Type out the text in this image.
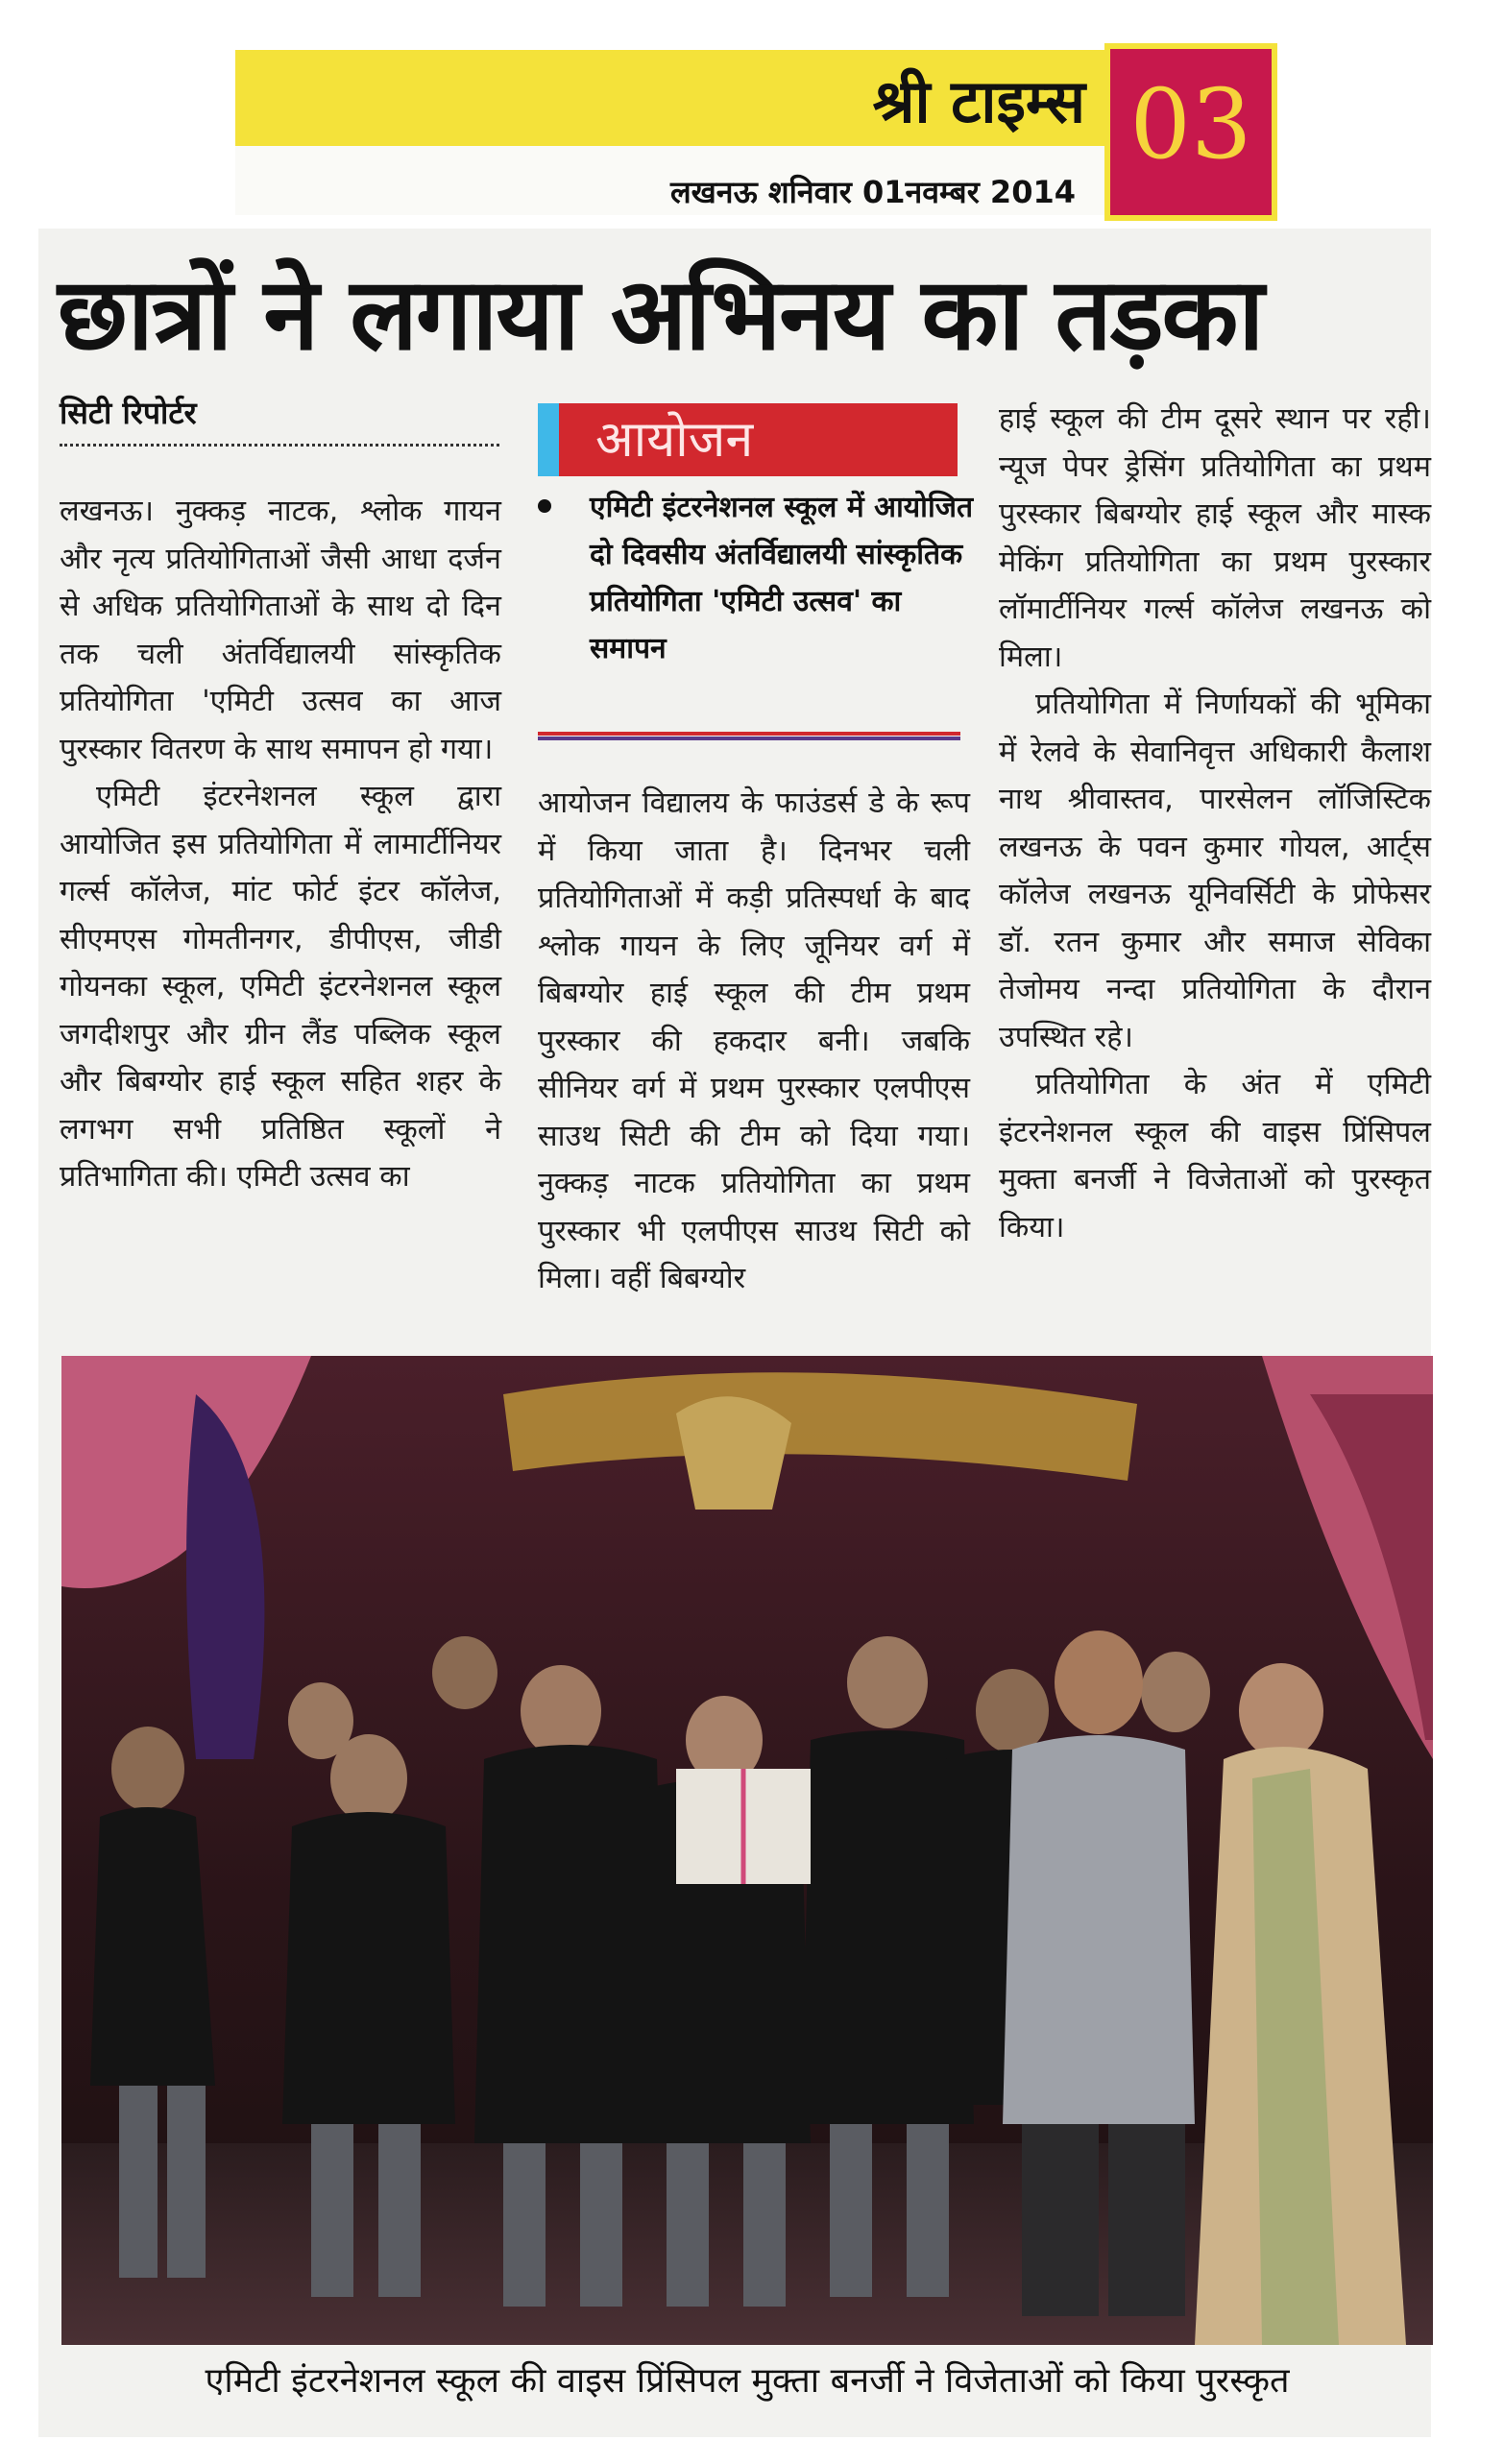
श्री टाइम्स 03
लखनऊ शनिवार 01नवम्बर 2014
छात्रों ने लगाया अभिनय का तड़का
सिटी रिपोर्टर

लखनऊ। नुक्कड़ नाटक, श्लोक गायन और नृत्य प्रतियोगिताओं जैसी आधा दर्जन से अधिक प्रतियोगिताओं के साथ दो दिन तक चली अंतर्विद्यालयी सांस्कृतिक प्रतियोगिता 'एमिटी उत्सव का आज पुरस्कार वितरण के साथ समापन हो गया।

एमिटी इंटरनेशनल स्कूल द्वारा आयोजित इस प्रतियोगिता में लामार्टीनियर गर्ल्स कॉलेज, मांट फोर्ट इंटर कॉलेज, सीएमएस गोमतीनगर, डीपीएस, जीडी गोयनका स्कूल, एमिटी इंटरनेशनल स्कूल जगदीशपुर और ग्रीन लैंड पब्लिक स्कूल और बिबग्योर हाई स्कूल सहित शहर के लगभग सभी प्रतिष्ठित स्कूलों ने प्रतिभागिता की। एमिटी उत्सव का

आयोजन
एमिटी इंटरनेशनल स्कूल में आयोजित दो दिवसीय अंतर्विद्यालयी सांस्कृतिक प्रतियोगिता 'एमिटी उत्सव' का समापन

आयोजन विद्यालय के फाउंडर्स डे के रूप में किया जाता है। दिनभर चली प्रतियोगिताओं में कड़ी प्रतिस्पर्धा के बाद श्लोक गायन के लिए जूनियर वर्ग में बिबग्योर हाई स्कूल की टीम प्रथम पुरस्कार की हकदार बनी। जबकि सीनियर वर्ग में प्रथम पुरस्कार एलपीएस साउथ सिटी की टीम को दिया गया। नुक्कड़ नाटक प्रतियोगिता का प्रथम पुरस्कार भी एलपीएस साउथ सिटी को मिला। वहीं बिबग्योर

हाई स्कूल की टीम दूसरे स्थान पर रही। न्यूज पेपर ड्रेसिंग प्रतियोगिता का प्रथम पुरस्कार बिबग्योर हाई स्कूल और मास्क मेकिंग प्रतियोगिता का प्रथम पुरस्कार लॉमार्टीनियर गर्ल्स कॉलेज लखनऊ को मिला।

प्रतियोगिता में निर्णायकों की भूमिका में रेलवे के सेवानिवृत्त अधिकारी कैलाश नाथ श्रीवास्तव, पारसेलन लॉजिस्टिक लखनऊ के पवन कुमार गोयल, आर्ट्स कॉलेज लखनऊ यूनिवर्सिटी के प्रोफेसर डॉ. रतन कुमार और समाज सेविका तेजोमय नन्दा प्रतियोगिता के दौरान उपस्थित रहे।

प्रतियोगिता के अंत में एमिटी इंटरनेशनल स्कूल की वाइस प्रिंसिपल मुक्ता बनर्जी ने विजेताओं को पुरस्कृत किया।

एमिटी इंटरनेशनल स्कूल की वाइस प्रिंसिपल मुक्ता बनर्जी ने विजेताओं को किया पुरस्कृत
